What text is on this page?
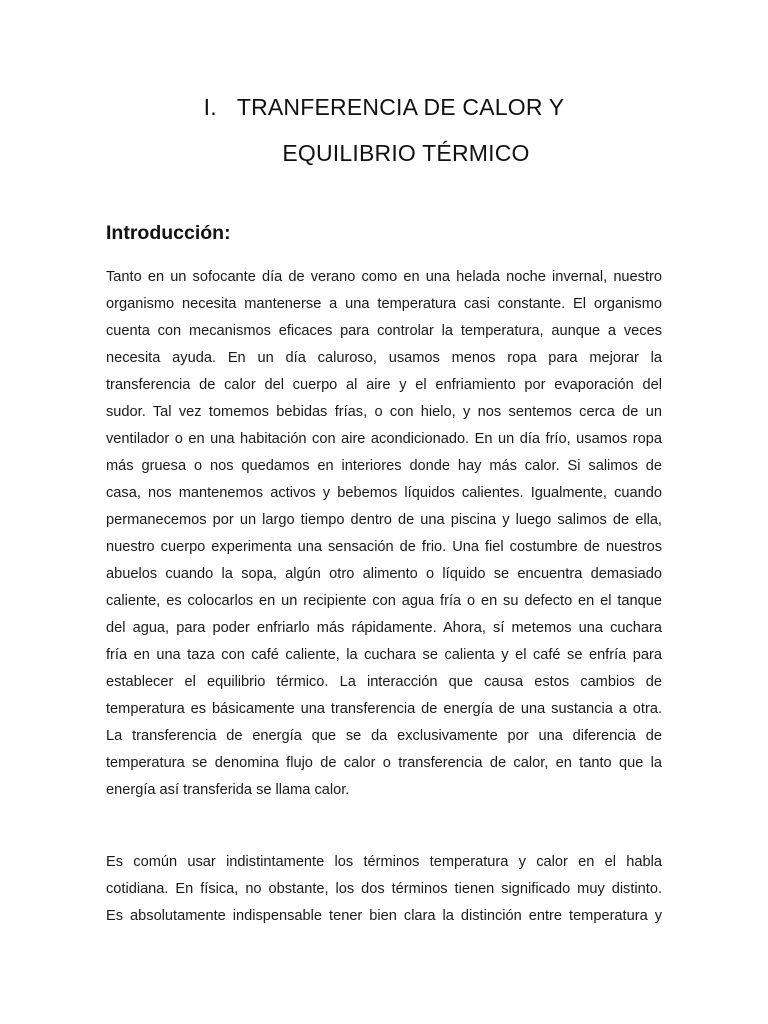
I. TRANFERENCIA DE CALOR Y
EQUILIBRIO TÉRMICO
Introducción:
Tanto en un sofocante día de verano como en una helada noche invernal, nuestro
organismo necesita mantenerse a una temperatura casi constante. El organismo
cuenta con mecanismos eficaces para controlar la temperatura, aunque a veces
necesita ayuda. En un día caluroso, usamos menos ropa para mejorar la
transferencia de calor del cuerpo al aire y el enfriamiento por evaporación del
sudor. Tal vez tomemos bebidas frías, o con hielo, y nos sentemos cerca de un
ventilador o en una habitación con aire acondicionado. En un día frío, usamos ropa
más gruesa o nos quedamos en interiores donde hay más calor. Si salimos de
casa, nos mantenemos activos y bebemos líquidos calientes. Igualmente, cuando
permanecemos por un largo tiempo dentro de una piscina y luego salimos de ella,
nuestro cuerpo experimenta una sensación de frio. Una fiel costumbre de nuestros
abuelos cuando la sopa, algún otro alimento o líquido se encuentra demasiado
caliente, es colocarlos en un recipiente con agua fría o en su defecto en el tanque
del agua, para poder enfriarlo más rápidamente. Ahora, sí metemos una cuchara
fría en una taza con café caliente, la cuchara se calienta y el café se enfría para
establecer el equilibrio térmico. La interacción que causa estos cambios de
temperatura es básicamente una transferencia de energía de una sustancia a otra.
La transferencia de energía que se da exclusivamente por una diferencia de
temperatura se denomina flujo de calor o transferencia de calor, en tanto que la
energía así transferida se llama calor.
Es común usar indistintamente los términos temperatura y calor en el habla
cotidiana. En física, no obstante, los dos términos tienen significado muy distinto.
Es absolutamente indispensable tener bien clara la distinción entre temperatura y
